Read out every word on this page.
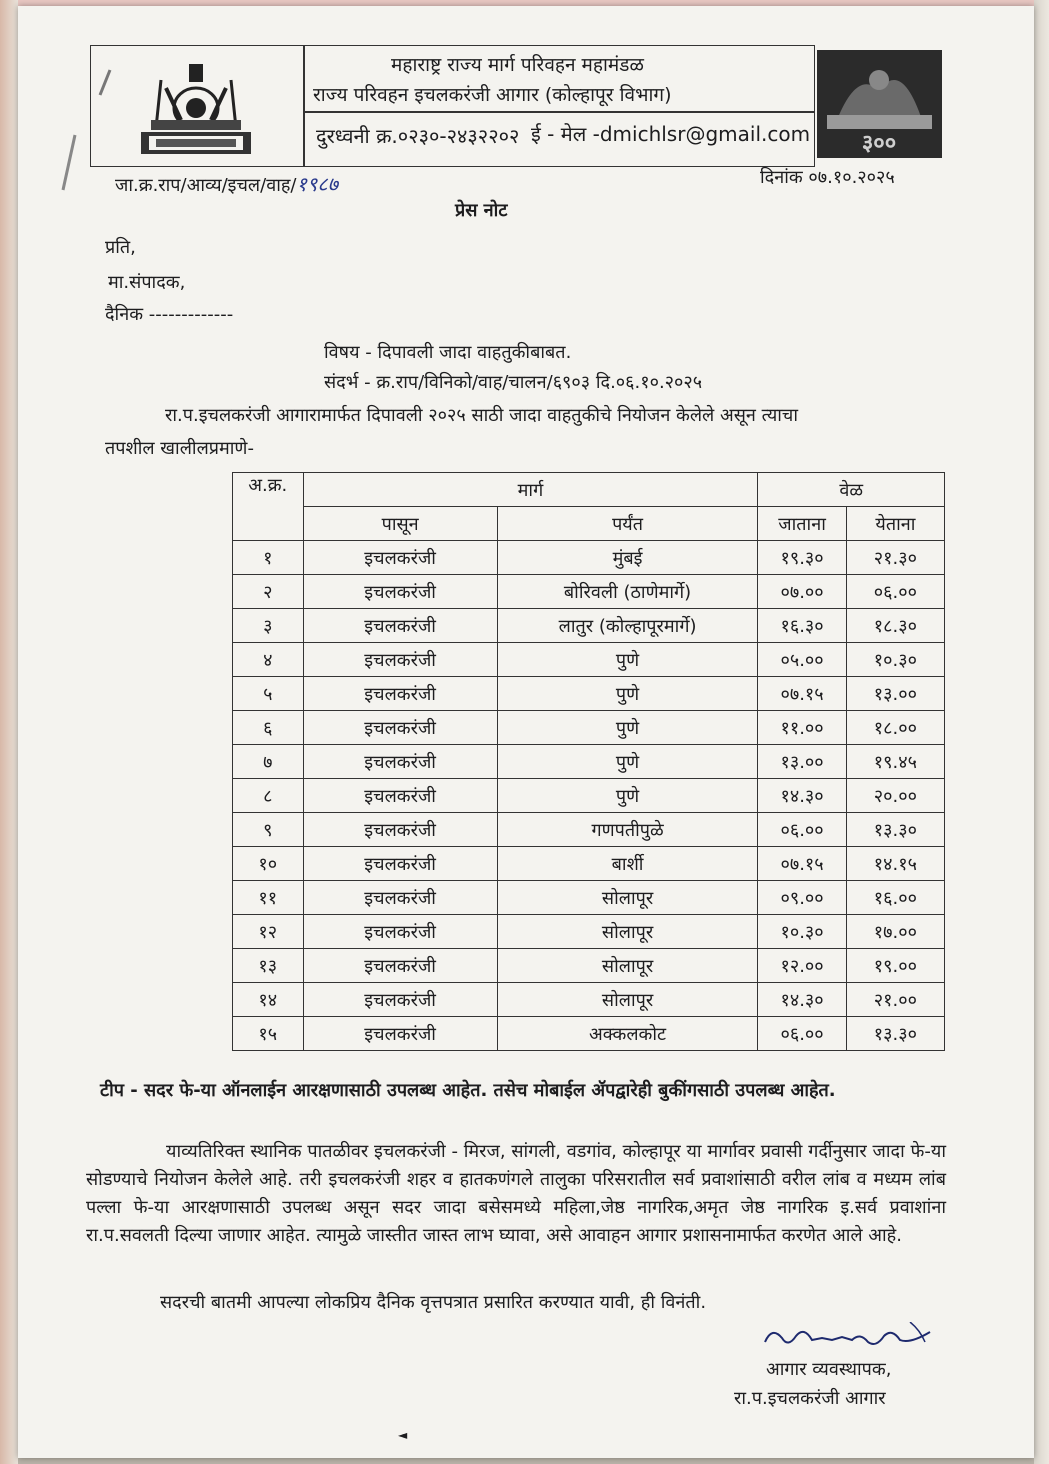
महाराष्ट्र राज्य मार्ग परिवहन महामंडळ
राज्य परिवहन इचलकरंजी आगार (कोल्हापूर विभाग)
दुरध्वनी क्र.०२३०-२४३२२०२ ई - मेल -dmichlsr@gmail.com ३००
जा.क्र.राप/आव्य/इचल/वाह/१९८७	दिनांक ०७.१०.२०२५
प्रेस नोट
प्रति,
मा.संपादक,
दैनिक -------------
विषय - दिपावली जादा वाहतुकीबाबत.
संदर्भ - क्र.राप/विनिको/वाह/चालन/६९०३ दि.०६.१०.२०२५
रा.प.इचलकरंजी आगारामार्फत दिपावली २०२५ साठी जादा वाहतुकीचे नियोजन केलेले असून त्याचा
तपशील खालीलप्रमाणे-
अ.क्र.	मार्ग		वेळ	
	पासून	पर्यंत	जाताना	येताना
१	इचलकरंजी	मुंबई	१९.३०	२१.३०
२	इचलकरंजी	बोरिवली (ठाणेमार्गे)	०७.००	०६.००
३	इचलकरंजी	लातुर (कोल्हापूरमार्गे)	१६.३०	१८.३०
४	इचलकरंजी	पुणे	०५.००	१०.३०
५	इचलकरंजी	पुणे	०७.१५	१३.००
६	इचलकरंजी	पुणे	११.००	१८.००
७	इचलकरंजी	पुणे	१३.००	१९.४५
८	इचलकरंजी	पुणे	१४.३०	२०.००
९	इचलकरंजी	गणपतीपुळे	०६.००	१३.३०
१०	इचलकरंजी	बार्शी	०७.१५	१४.१५
११	इचलकरंजी	सोलापूर	०९.००	१६.००
१२	इचलकरंजी	सोलापूर	१०.३०	१७.००
१३	इचलकरंजी	सोलापूर	१२.००	१९.००
१४	इचलकरंजी	सोलापूर	१४.३०	२१.००
१५	इचलकरंजी	अक्कलकोट	०६.००	१३.३०
टीप - सदर फे-या ऑनलाईन आरक्षणासाठी उपलब्ध आहेत. तसेच मोबाईल ॲपद्वारेही बुकींगसाठी उपलब्ध आहेत.

याव्यतिरिक्त स्थानिक पातळीवर इचलकरंजी - मिरज, सांगली, वडगांव, कोल्हापूर या मार्गावर प्रवासी गर्दीनुसार जादा फे-या सोडण्याचे नियोजन केलेले आहे. तरी इचलकरंजी शहर व हातकणंगले तालुका परिसरातील सर्व प्रवाशांसाठी वरील लांब व मध्यम लांब पल्ला फे-या आरक्षणासाठी उपलब्ध असून सदर जादा बसेसमध्ये महिला,जेष्ठ नागरिक,अमृत जेष्ठ नागरिक इ.सर्व प्रवाशांना रा.प.सवलती दिल्या जाणार आहेत. त्यामुळे जास्तीत जास्त लाभ घ्यावा, असे आवाहन आगार प्रशासनामार्फत करणेत आले आहे.

सदरची बातमी आपल्या लोकप्रिय दैनिक वृत्तपत्रात प्रसारित करण्यात यावी, ही विनंती.
आगार व्यवस्थापक,
रा.प.इचलकरंजी आगार
◄
